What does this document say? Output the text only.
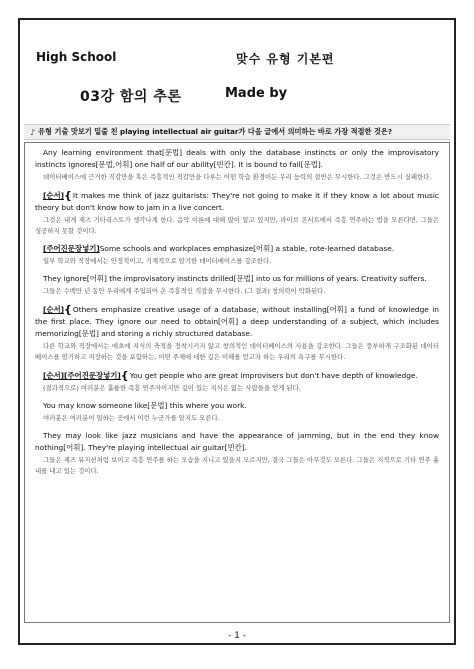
High School	맞수 유형 기본편
03강 함의 추론	Made by
♪ 유형 기출 맛보기 밑줄 친 playing intellectual air guitar가 다음 글에서 의미하는 바로 가장 적절한 것은?
Any learning environment that[문법] deals with only the database instincts or only the improvisatory instincts ignores[문법,어휘] one half of our ability[빈칸]. It is bound to fail[문법].
데이터베이스에 근거한 직감만을 혹은 즉흥적인 직감만을 다루는 어떤 학습 환경이든 우리 능력의 절반은 무시한다. 그것은 반드시 실패한다.
[순서]{It makes me think of jazz guitarists: They're not going to make it if they know a lot about music theory but don't know how to jam in a live concert.
그것은 내게 재즈 기타리스트가 생각나게 한다. 음악 이론에 대해 많이 알고 있지만, 라이브 콘서트에서 즉흥 연주하는 법을 모른다면, 그들은 성공하지 못할 것이다.
[주어진문장넣기]Some schools and workplaces emphasize[어휘] a stable, rote-learned database.
일부 학교와 직장에서는 안정적이고, 기계적으로 암기한 데이터베이스를 강조한다.
They ignore[어휘] the improvisatory instincts drilled[문법] into us for millions of years. Creativity suffers.
그들은 수백만 년 동안 우리에게 주입되어 온 즉흥적인 직감을 무시한다. (그 결과) 창의력이 악화된다.
[순서]{Others emphasize creative usage of a database, without installing[어휘] a fund of knowledge in the first place. They ignore our need to obtain[어휘] a deep understanding of a subject, which includes memorizing[문법] and storing a richly structured database.
다른 학교와 직장에서는 애초에 지식의 축적을 정착시키지 않고 창의적인 데이터베이스의 사용을 강조한다. 그들은 풍부하게 구조화된 데이터베이스를 암기하고 저장하는 것을 포함하는, 어떤 주제에 대한 깊은 이해를 얻고자 하는 우리의 욕구를 무시한다.
[순서][주어진문장넣기]{You get people who are great improvisers but don't have depth of knowledge.
(결과적으로) 여러분은 훌륭한 즉흥 연주자이지만 깊이 있는 지식은 없는 사람들을 얻게 된다.
You may know someone like[문법] this where you work.
여러분은 여러분이 일하는 곳에서 이런 누군가를 알지도 모른다.
They may look like jazz musicians and have the appearance of jamming, but in the end they know nothing[어휘]. They're playing intellectual air guitar[빈칸].
그들은 재즈 뮤지션처럼 보이고 즉흥 연주를 하는 모습을 지니고 있을지 모르지만, 결국 그들은 아무것도 모른다. 그들은 지적으로 기타 연주 흉내를 내고 있는 것이다.
- 1 -
